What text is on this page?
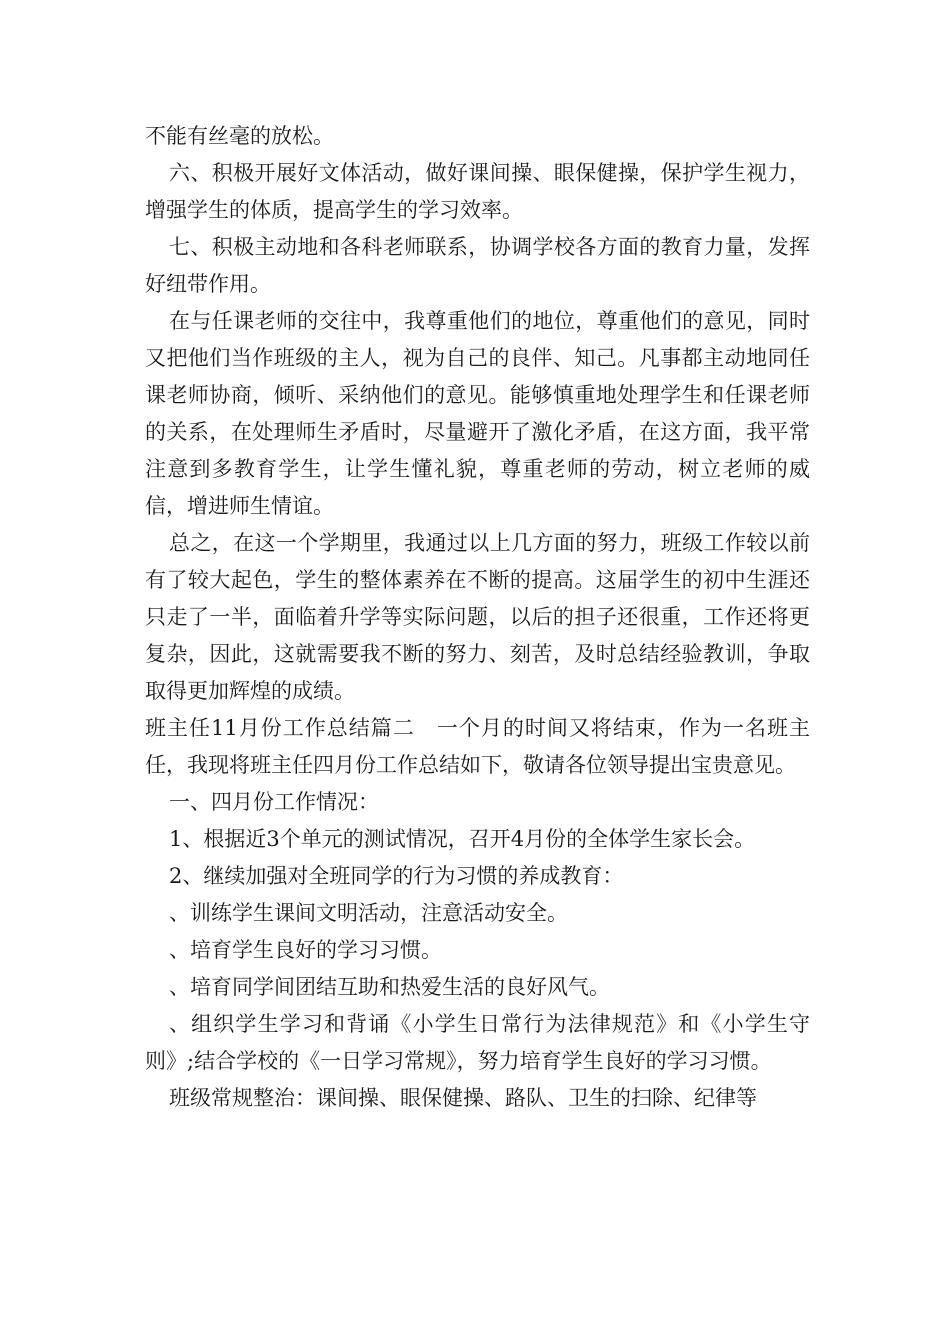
不能有丝毫的放松。

六、积极开展好文体活动，做好课间操、眼保健操，保护学生视力，增强学生的体质，提高学生的学习效率。

七、积极主动地和各科老师联系，协调学校各方面的教育力量，发挥好纽带作用。

在与任课老师的交往中，我尊重他们的地位，尊重他们的意见，同时又把他们当作班级的主人，视为自己的良伴、知己。凡事都主动地同任课老师协商，倾听、采纳他们的意见。能够慎重地处理学生和任课老师的关系，在处理师生矛盾时，尽量避开了激化矛盾，在这方面，我平常注意到多教育学生，让学生懂礼貌，尊重老师的劳动，树立老师的威信，增进师生情谊。

总之，在这一个学期里，我通过以上几方面的努力，班级工作较以前有了较大起色，学生的整体素养在不断的提高。这届学生的初中生涯还只走了一半，面临着升学等实际问题，以后的担子还很重，工作还将更复杂，因此，这就需要我不断的努力、刻苦，及时总结经验教训，争取取得更加辉煌的成绩。

班主任11月份工作总结篇二　一个月的时间又将结束，作为一名班主任，我现将班主任四月份工作总结如下，敬请各位领导提出宝贵意见。

一、四月份工作情况：

1、根据近3个单元的测试情况，召开4月份的全体学生家长会。

2、继续加强对全班同学的行为习惯的养成教育：

、训练学生课间文明活动，注意活动安全。

、培育学生良好的学习习惯。

、培育同学间团结互助和热爱生活的良好风气。

、组织学生学习和背诵《小学生日常行为法律规范》和《小学生守则》;结合学校的《一日学习常规》，努力培育学生良好的学习习惯。

班级常规整治：课间操、眼保健操、路队、卫生的扫除、纪律等
